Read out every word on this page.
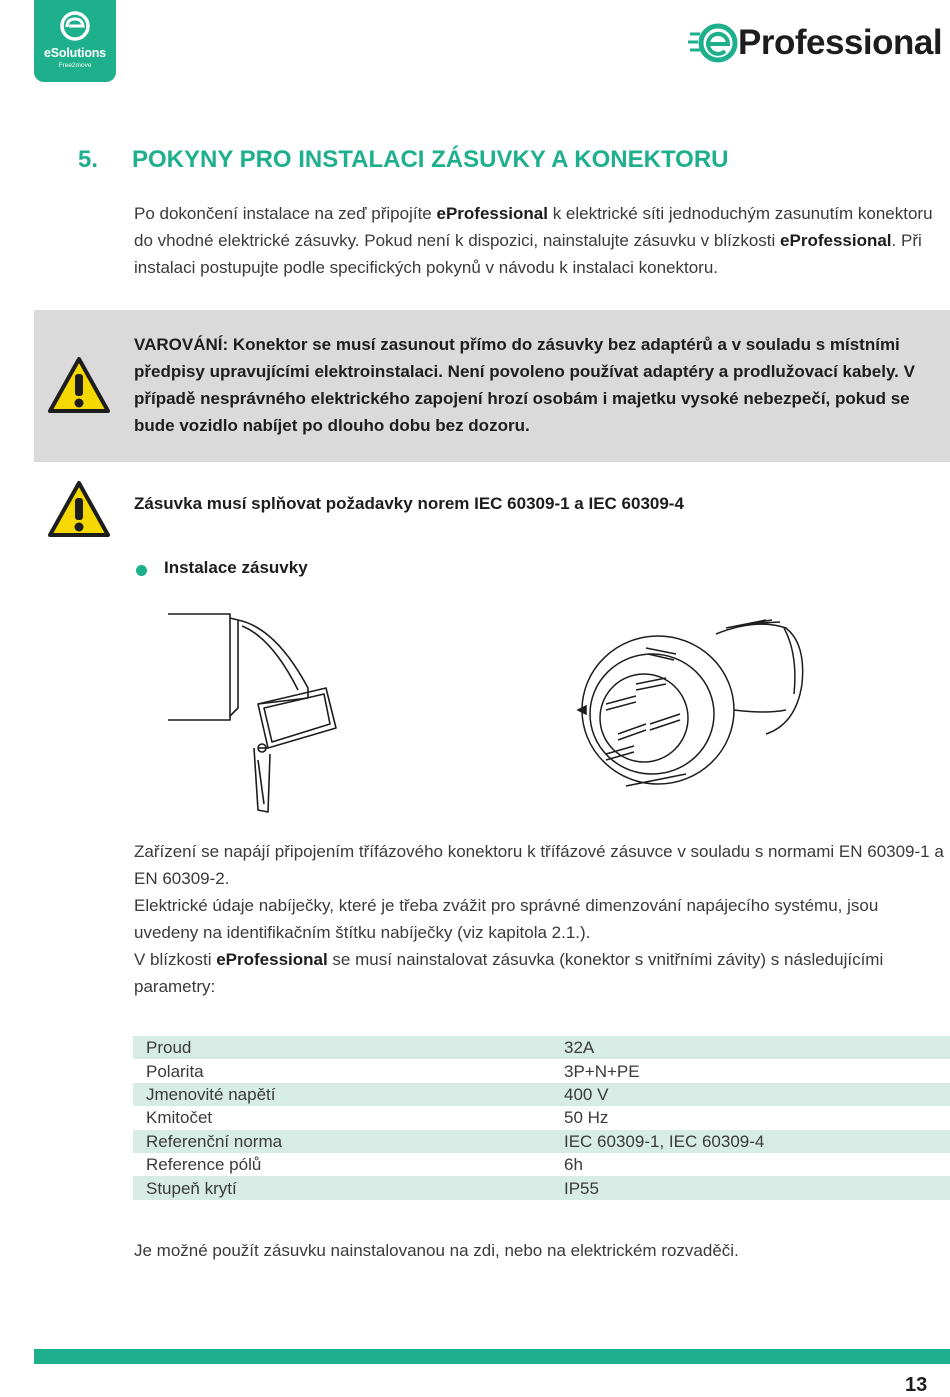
eSolutions
Free2move
Professional
5. POKYNY PRO INSTALACI ZÁSUVKY A KONEKTORU
Po dokončení instalace na zeď připojíte eProfessional k elektrické síti jednoduchým zasunutím konektoru do vhodné elektrické zásuvky. Pokud není k dispozici, nainstalujte zásuvku v blízkosti eProfessional. Při instalaci postupujte podle specifických pokynů v návodu k instalaci konektoru.
VAROVÁNÍ: Konektor se musí zasunout přímo do zásuvky bez adaptérů a v souladu s místními předpisy upravujícími elektroinstalaci. Není povoleno používat adaptéry a prodlužovací kabely. V případě nesprávného elektrického zapojení hrozí osobám i majetku vysoké nebezpečí, pokud se bude vozidlo nabíjet po dlouho dobu bez dozoru.
Zásuvka musí splňovat požadavky norem IEC 60309-1 a IEC 60309-4
Instalace zásuvky
Zařízení se napájí připojením třífázového konektoru k třífázové zásuvce v souladu s normami EN 60309-1 a EN 60309-2.
Elektrické údaje nabíječky, které je třeba zvážit pro správné dimenzování napájecího systému, jsou uvedeny na identifikačním štítku nabíječky (viz kapitola 2.1.).
V blízkosti eProfessional se musí nainstalovat zásuvka (konektor s vnitřními závity) s následujícími parametry:
Proud	32A
Polarita	3P+N+PE
Jmenovité napětí	400 V
Kmitočet	50 Hz
Referenční norma	IEC 60309-1, IEC 60309-4
Reference pólů	6h
Stupeň krytí	IP55
Je možné použít zásuvku nainstalovanou na zdi, nebo na elektrickém rozvaděči.
13
